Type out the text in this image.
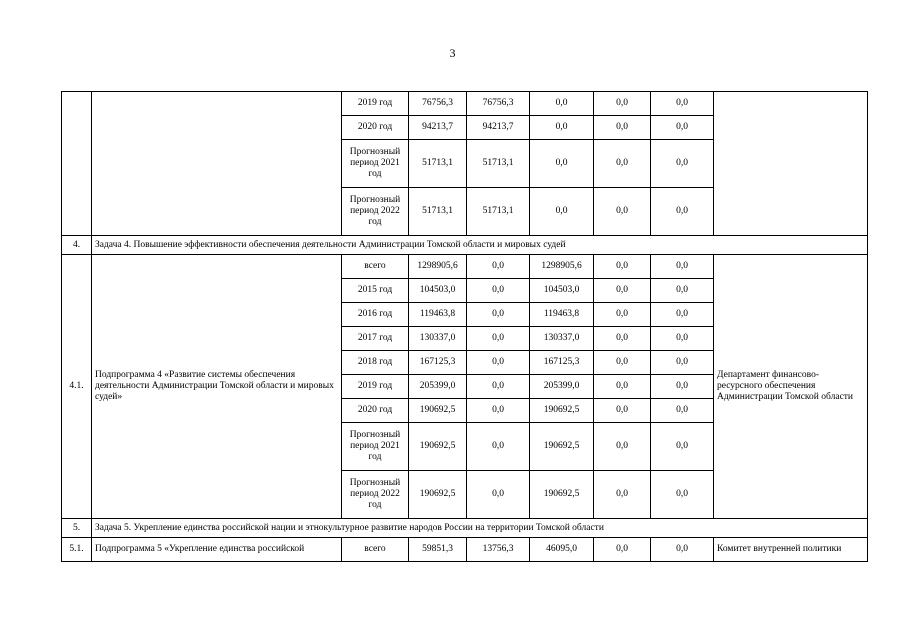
3
		2019 год	76756,3	76756,3	0,0	0,0	0,0	
		2020 год	94213,7	94213,7	0,0	0,0	0,0	
		Прогнозный период 2021 год	51713,1	51713,1	0,0	0,0	0,0	
		Прогнозный период 2022 год	51713,1	51713,1	0,0	0,0	0,0	
4.	Задача 4. Повышение эффективности обеспечения деятельности Администрации Томской области и мировых судей							
4.1.	Подпрограмма 4 «Развитие системы обеспечения деятельности Администрации Томской области и мировых судей»	всего	1298905,6	0,0	1298905,6	0,0	0,0	Департамент финансово-ресурсного обеспечения Администрации Томской области
		2015 год	104503,0	0,0	104503,0	0,0	0,0	
		2016 год	119463,8	0,0	119463,8	0,0	0,0	
		2017 год	130337,0	0,0	130337,0	0,0	0,0	
		2018 год	167125,3	0,0	167125,3	0,0	0,0	
		2019 год	205399,0	0,0	205399,0	0,0	0,0	
		2020 год	190692,5	0,0	190692,5	0,0	0,0	
		Прогнозный период 2021 год	190692,5	0,0	190692,5	0,0	0,0	
		Прогнозный период 2022 год	190692,5	0,0	190692,5	0,0	0,0	
5.	Задача 5. Укрепление единства российской нации и этнокультурное развитие народов России на территории Томской области							
5.1.	Подпрограмма 5 «Укрепление единства российской	всего	59851,3	13756,3	46095,0	0,0	0,0	Комитет внутренней политики
